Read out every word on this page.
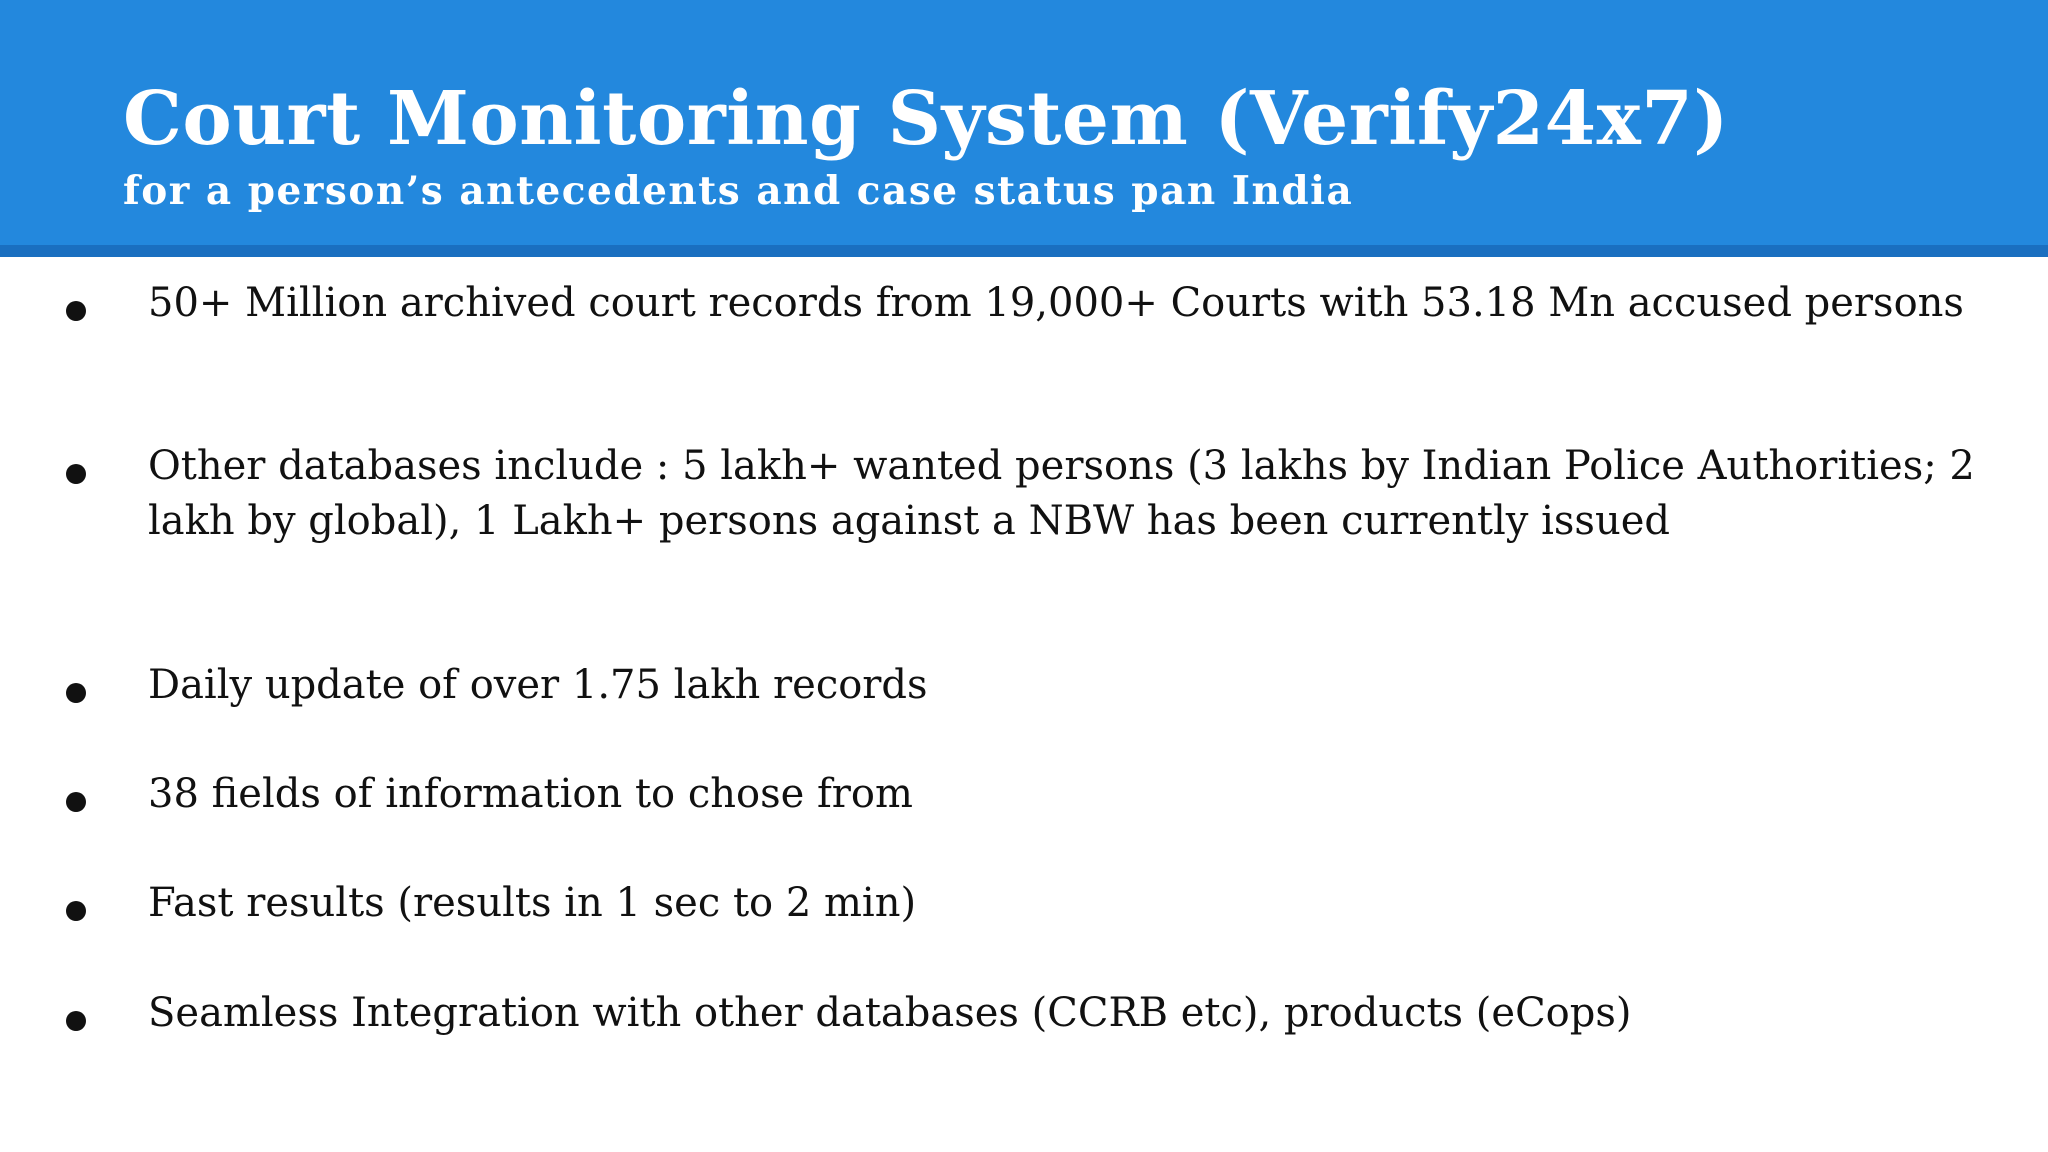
Court Monitoring System (Verify24x7)
for a person’s antecedents and case status pan India
50+ Million archived court records from 19,000+ Courts with 53.18 Mn accused persons
Other databases include : 5 lakh+ wanted persons (3 lakhs by Indian Police Authorities; 2 lakh by global), 1 Lakh+ persons against a NBW has been currently issued
Daily update of over 1.75 lakh records
38 fields of information to chose from
Fast results (results in 1 sec to 2 min)
Seamless Integration with other databases (CCRB etc), products (eCops)
